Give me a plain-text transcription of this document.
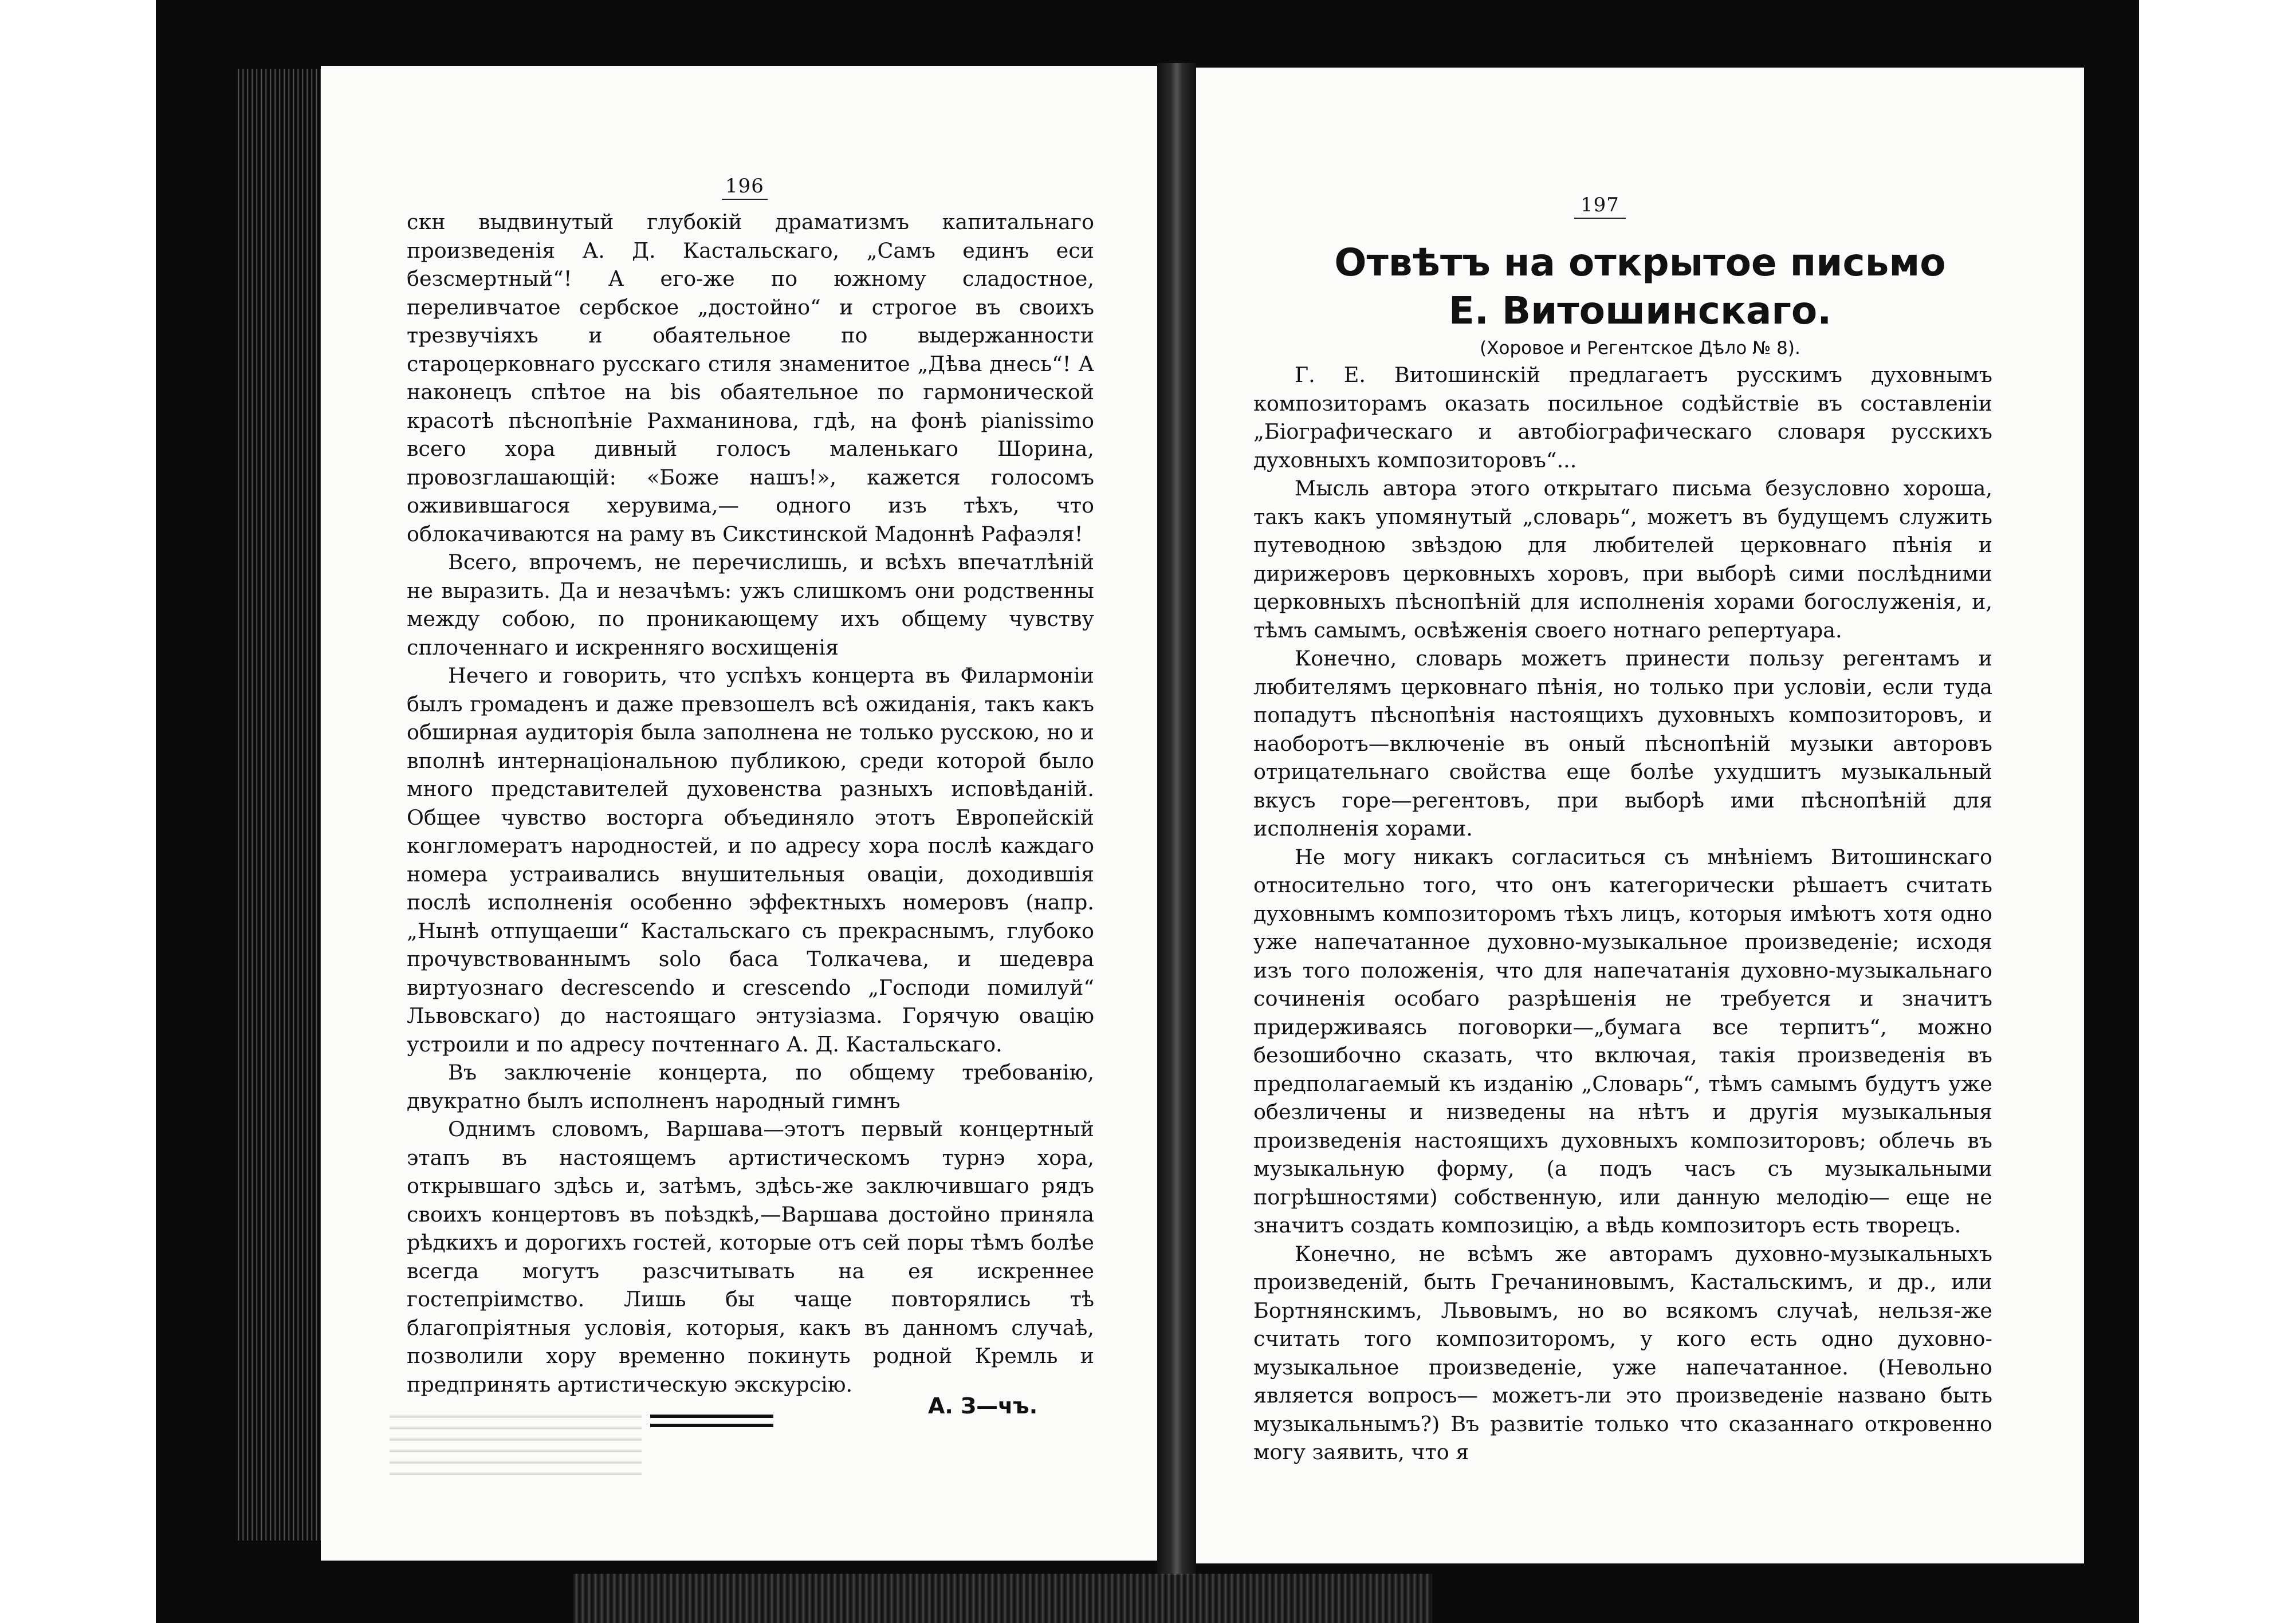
196

скн выдвинутый глубокій драматизмъ капитальнаго произведенія А. Д. Кастальскаго, „Самъ единъ еси безсмертный“! А его-же по южному сладостное, переливчатое сербское „достойно“ и строгое въ своихъ трезвучіяхъ и обаятельное по выдержанности староцерковнаго русскаго стиля знаменитое „Дѣва днесь“! А наконецъ спѣтое на bis обаятельное по гармонической красотѣ пѣснопѣніе Рахманинова, гдѣ, на фонѣ pianissimo всего хора дивный голосъ маленькаго Шорина, провозглашающій: «Боже нашъ!», кажется голосомъ оживившагося херувима,— одного изъ тѣхъ, что облокачиваются на раму въ Сикстинской Мадоннѣ Рафаэля!

Всего, впрочемъ, не перечислишь, и всѣхъ впечатлѣній не выразить. Да и незачѣмъ: ужъ слишкомъ они родственны между собою, по проникающему ихъ общему чувству сплоченнаго и искренняго восхищенія

Нечего и говорить, что успѣхъ концерта въ Филармоніи былъ громаденъ и даже превзошелъ всѣ ожиданія, такъ какъ обширная аудиторія была заполнена не только русскою, но и вполнѣ интернаціональною публикою, среди которой было много представителей духовенства разныхъ исповѣданій. Общее чувство восторга объединяло этотъ Европейскій конгломератъ народностей, и по адресу хора послѣ каждаго номера устраивались внушительныя оваціи, доходившія послѣ исполненія особенно эффектныхъ номеровъ (напр. „Нынѣ отпущаеши“ Кастальскаго съ прекраснымъ, глубоко прочувствованнымъ solo баса Толкачева, и шедевра виртуознаго decrescendo и crescendo „Господи помилуй“ Львовскаго) до настоящаго энтузіазма. Горячую овацію устроили и по адресу почтеннаго А. Д. Кастальскаго.

Въ заключеніе концерта, по общему требованію, двукратно былъ исполненъ народный гимнъ

Однимъ словомъ, Варшава—этотъ первый концертный этапъ въ настоящемъ артистическомъ турнэ хора, открывшаго здѣсь и, затѣмъ, здѣсь-же заключившаго рядъ своихъ концертовъ въ поѣздкѣ,—Варшава достойно приняла рѣдкихъ и дорогихъ гостей, которые отъ сей поры тѣмъ болѣе всегда могутъ разсчитывать на ея искреннее гостепріимство. Лишь бы чаще повторялись тѣ благопріятныя условія, которыя, какъ въ данномъ случаѣ, позволили хору временно покинуть родной Кремль и предпринять артистическую экскурсію.

А. З—чъ.
197
Отвѣтъ на открытое письмо
Е. Витошинскаго.
(Хоровое и Регентское Дѣло № 8).

Г. Е. Витошинскій предлагаетъ русскимъ духовнымъ композиторамъ оказать посильное содѣйствіе въ составленіи „Біографическаго и автобіографическаго словаря русскихъ духовныхъ композиторовъ“...

Мысль автора этого открытаго письма безусловно хороша, такъ какъ упомянутый „словарь“, можетъ въ будущемъ служить путеводною звѣздою для любителей церковнаго пѣнія и дирижеровъ церковныхъ хоровъ, при выборѣ сими послѣдними церковныхъ пѣснопѣній для исполненія хорами богослуженія, и, тѣмъ самымъ, освѣженія своего нотнаго репертуара.

Конечно, словарь можетъ принести пользу регентамъ и любителямъ церковнаго пѣнія, но только при условіи, если туда попадутъ пѣснопѣнія настоящихъ духовныхъ композиторовъ, и наоборотъ—включеніе въ оный пѣснопѣній музыки авторовъ отрицательнаго свойства еще болѣе ухудшитъ музыкальный вкусъ горе—регентовъ, при выборѣ ими пѣснопѣній для исполненія хорами.

Не могу никакъ согласиться съ мнѣніемъ Витошинскаго относительно того, что онъ категорически рѣшаетъ считать духовнымъ композиторомъ тѣхъ лицъ, которыя имѣютъ хотя одно уже напечатанное духовно-музыкальное произведеніе; исходя изъ того положенія, что для напечатанія духовно-музыкальнаго сочиненія особаго разрѣшенія не требуется и значитъ придерживаясь поговорки—„бумага все терпитъ“, можно безошибочно сказать, что включая, такія произведенія въ предполагаемый къ изданію „Словарь“, тѣмъ самымъ будутъ уже обезличены и низведены на нѣтъ и другія музыкальныя произведенія настоящихъ духовныхъ композиторовъ; облечь въ музыкальную форму, (а подъ часъ съ музыкальными погрѣшностями) собственную, или данную мелодію— еще не значитъ создать композицію, а вѣдь композиторъ есть творецъ.

Конечно, не всѣмъ же авторамъ духовно-музыкальныхъ произведеній, быть Гречаниновымъ, Кастальскимъ, и др., или Бортнянскимъ, Львовымъ, но во всякомъ случаѣ, нельзя-же считать того композиторомъ, у кого есть одно духовно-музыкальное произведеніе, уже напечатанное. (Невольно является вопросъ— можетъ-ли это произведеніе названо быть музыкальнымъ?) Въ развитіе только что сказаннаго откровенно могу заявить, что я
